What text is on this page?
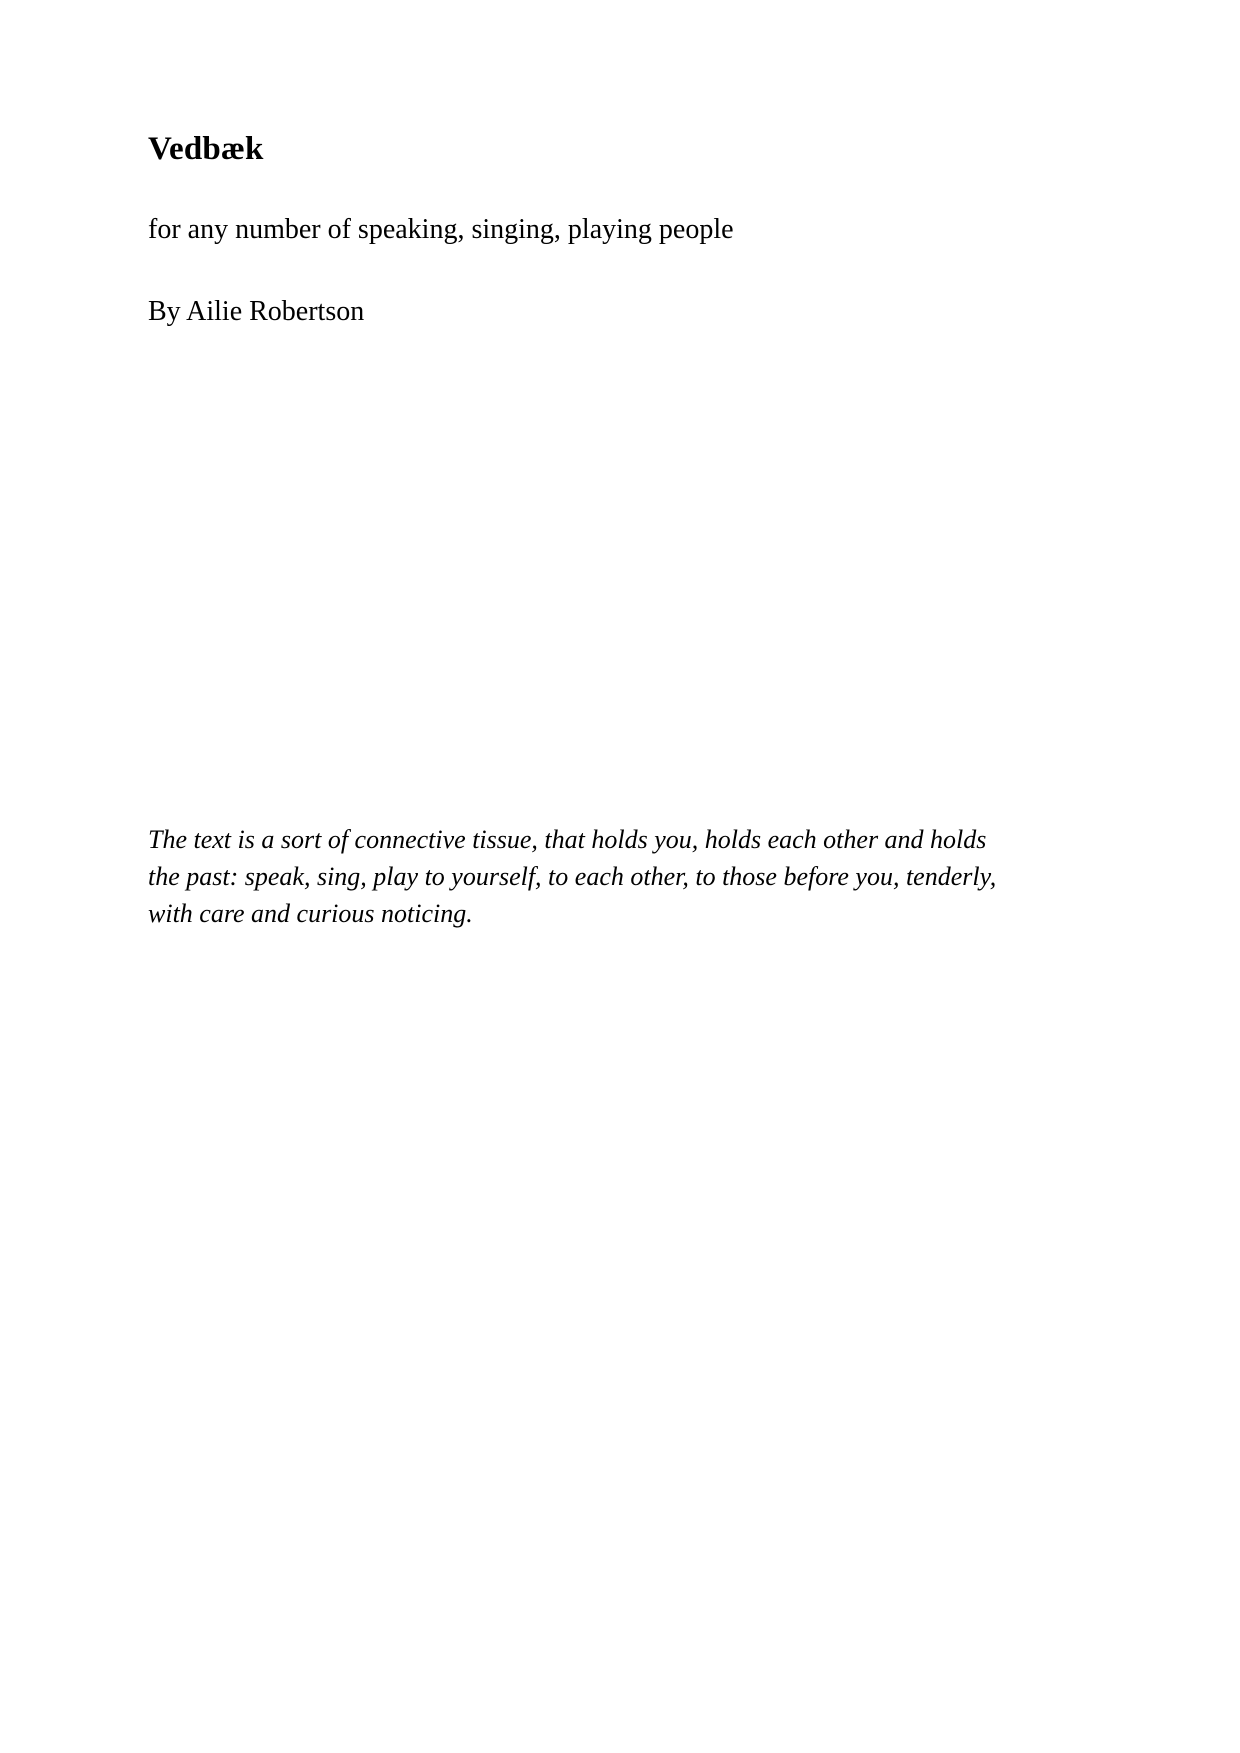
Vedbæk

for any number of speaking, singing, playing people

By Ailie Robertson

The text is a sort of connective tissue, that holds you, holds each other and holds the past: speak, sing, play to yourself, to each other, to those before you, tenderly, with care and curious noticing.
